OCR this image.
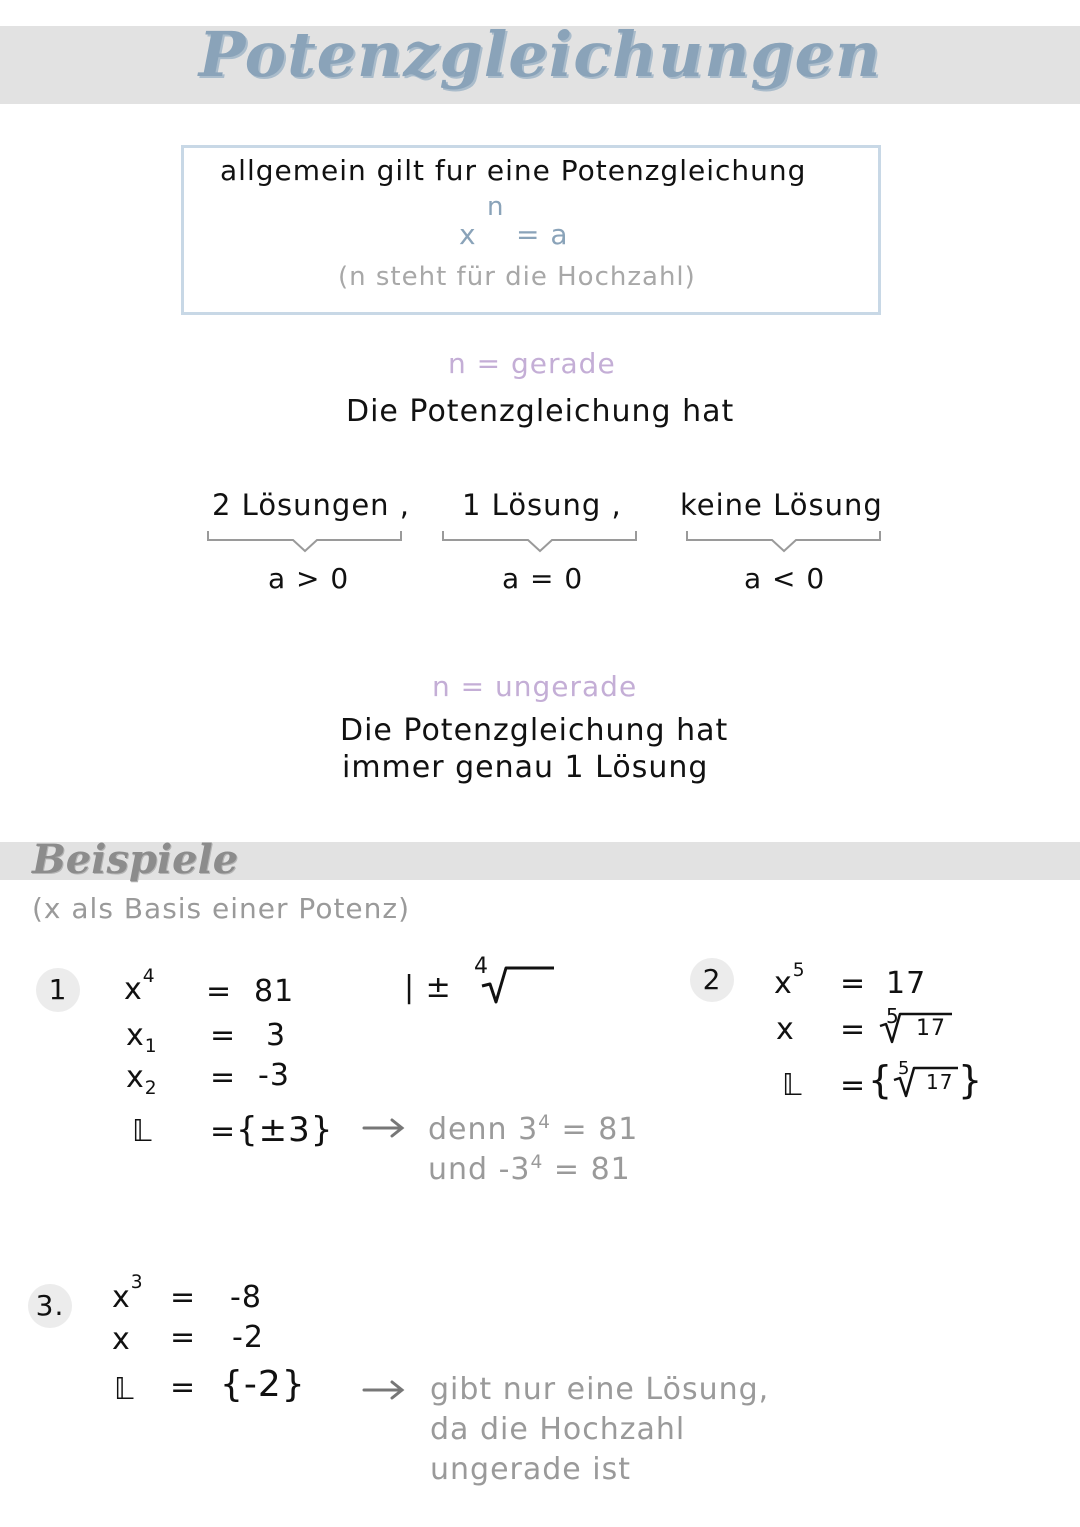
Potenzgleichungen
allgemein gilt fur eine Potenzgleichung
n
x = a
(n steht für die Hochzahl)
n = gerade
Die Potenzgleichung hat
2 Lösungen , 1 Lösung , keine Lösung
a > 0	a = 0	a < 0
n = ungerade
Die Potenzgleichung hat
immer genau 1 Lösung
Beispiele
(x als Basis einer Potenz)
1	$x^4 = 81$
$x_1 = 3$
$x_2 = -3$
| ±
4
𝕃 = {±3}	denn $3^4 = 81$
und $-3^4 = 81$
2	$x^5 = 17$
x = 5 17
𝕃 = { 5
17 }
3. $x^3 = -8$
x = -2
𝕃 = {-2}	gibt nur eine Lösung,
da die Hochzahl
ungerade ist
